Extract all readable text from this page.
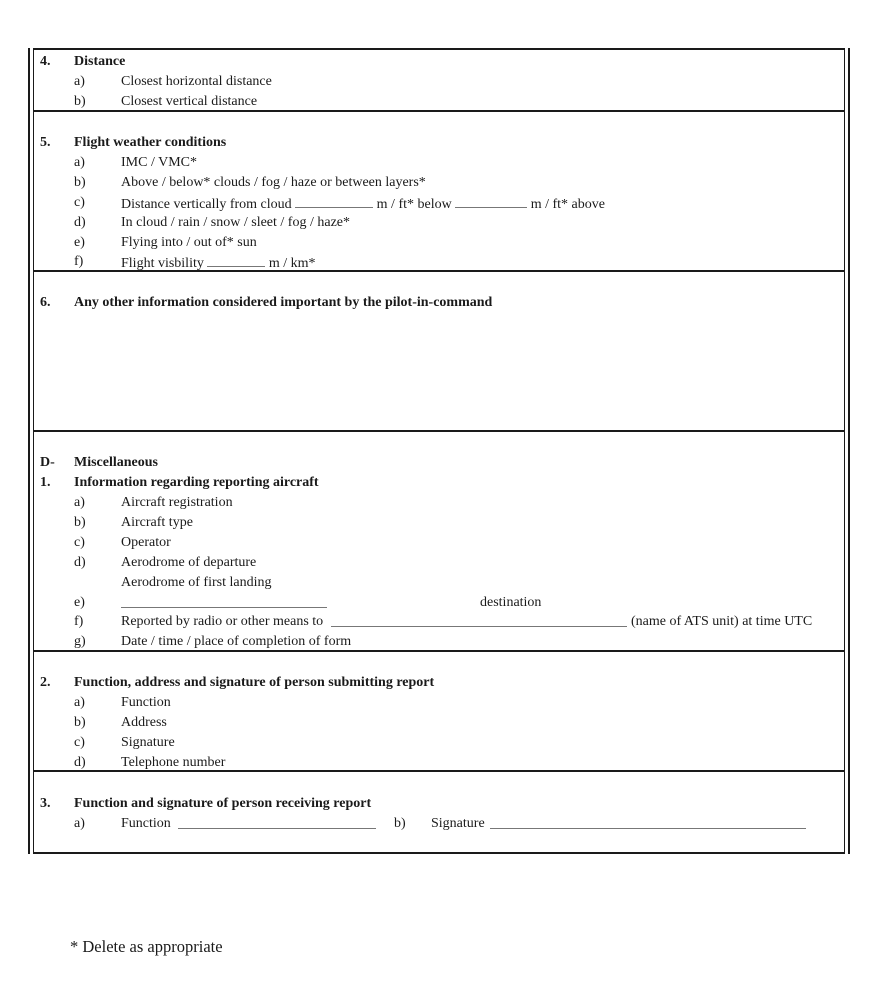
4. Distance
a)	Closest horizontal distance
b)	Closest vertical distance
5. Flight weather conditions
a)	IMC / VMC*
b)	Above / below* clouds / fog / haze or between layers*
c)	Distance vertically from cloud	m / ft* below	m / ft* above
d)	In cloud / rain / snow / sleet / fog / haze*
e)	Flying into / out of* sun
f)	Flight visbility	m / km*
6. Any other information considered important by the pilot-in-command
D- Miscellaneous
1. Information regarding reporting aircraft
a)	Aircraft registration
b)	Aircraft type
c)	Operator
d)	Aerodrome of departure
Aerodrome of first landing
e)	destination
f)	Reported by radio or other means to	(name of ATS unit) at time UTC
g)	Date / time / place of completion of form
2. Function, address and signature of person submitting report
a)	Function
b)	Address
c)	Signature
d)	Telephone number
3. Function and signature of person receiving report
a)	Function	b) Signature
* Delete as appropriate
